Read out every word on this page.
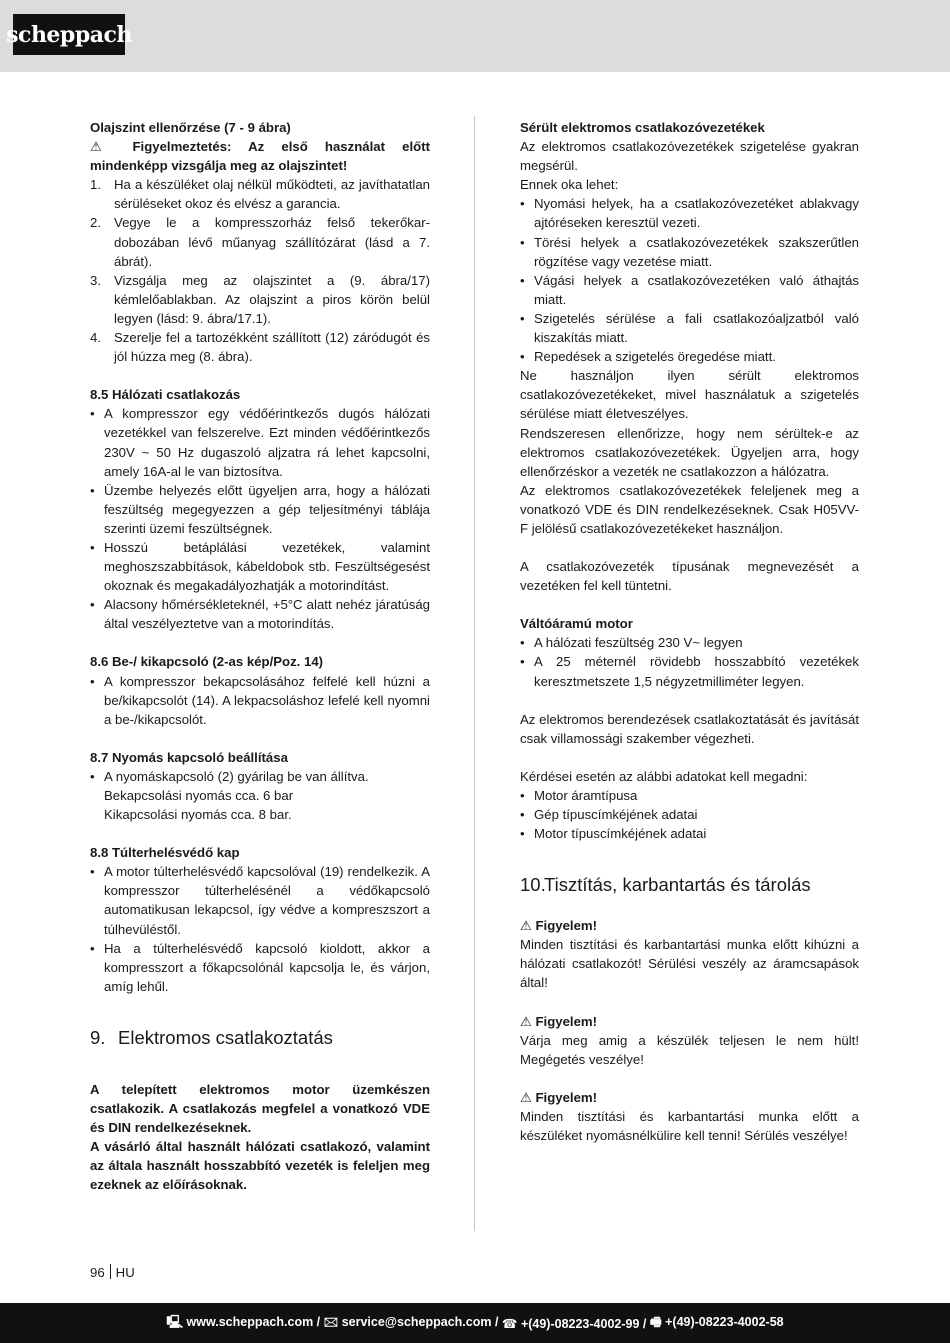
scheppach

Olajszint ellenőrzése (7 - 9 ábra)

⚠ Figyelmeztetés: Az első használat előtt mindenképp vizsgálja meg az olajszintet!

1. Ha a készüléket olaj nélkül működteti, az javíthatatlan sérüléseket okoz és elvész a garancia.
2. Vegye le a kompresszorház felső tekerőkar-dobozában lévő műanyag szállítózárat (lásd a 7. ábrát).
3. Vizsgálja meg az olajszintet a (9. ábra/17) kémlelőablakban. Az olajszint a piros körön belül legyen (lásd: 9. ábra/17.1).
4. Szerelje fel a tartozékként szállított (12) záródugót és jól húzza meg (8. ábra).

8.5 Hálózati csatlakozás

• A kompresszor egy védőérintkezős dugós hálózati vezetékkel van felszerelve. Ezt minden védőérintkezős 230V ~ 50 Hz dugaszoló aljzatra rá lehet kapcsolni, amely 16A-al le van biztosítva.
• Üzembe helyezés előtt ügyeljen arra, hogy a hálózati feszültség megegyezzen a gép teljesítményi táblája szerinti üzemi feszültségnek.
• Hosszú betáplálási vezetékek, valamint meghoszszabbítások, kábeldobok stb. Feszültségesést okoznak és megakadályozhatják a motorindítást.
• Alacsony hőmérsékleteknél, +5°C alatt nehéz járatúság által veszélyeztetve van a motorindítás.

8.6 Be-/ kikapcsoló (2-as kép/Poz. 14)

• A kompresszor bekapcsolásához felfelé kell húzni a be/kikapcsolót (14). A lekpacsoláshoz lefelé kell nyomni a be-/kikapcsolót.

8.7 Nyomás kapcsoló beállítása

• A nyomáskapcsoló (2) gyárilag be van állítva.
Bekapcsolási nyomás cca. 6 bar
Kikapcsolási nyomás cca. 8 bar.

8.8 Túlterhelésvédő kap

• A motor túlterhelésvédő kapcsolóval (19) rendelkezik. A kompresszor túlterhelésénél a védőkapcsoló automatikusan lekapcsol, így védve a kompreszszort a túlhevüléstől.
• Ha a túlterhelésvédő kapcsoló kioldott, akkor a kompresszort a főkapcsolónál kapcsolja le, és várjon, amíg lehűl.
9. Elektromos csatlakoztatás

A telepített elektromos motor üzemkészen csatlakozik. A csatlakozás megfelel a vonatkozó VDE és DIN rendelkezéseknek.

A vásárló által használt hálózati csatlakozó, valamint az általa használt hosszabbító vezeték is feleljen meg ezeknek az előírásoknak.

Sérült elektromos csatlakozóvezetékek

Az elektromos csatlakozóvezetékek szigetelése gyakran megsérül.

Ennek oka lehet:

• Nyomási helyek, ha a csatlakozóvezetéket ablakvagy ajtóréseken keresztül vezeti.
• Törési helyek a csatlakozóvezetékek szakszerűtlen rögzítése vagy vezetése miatt.
• Vágási helyek a csatlakozóvezetéken való áthajtás miatt.
• Szigetelés sérülése a fali csatlakozóaljzatból való kiszakítás miatt.
• Repedések a szigetelés öregedése miatt.

Ne használjon ilyen sérült elektromos csatlakozóvezetékeket, mivel használatuk a szigetelés sérülése miatt életveszélyes.

Rendszeresen ellenőrizze, hogy nem sérültek-e az elektromos csatlakozóvezetékek. Ügyeljen arra, hogy ellenőrzéskor a vezeték ne csatlakozzon a hálózatra.

Az elektromos csatlakozóvezetékek feleljenek meg a vonatkozó VDE és DIN rendelkezéseknek. Csak H05VV-F jelölésű csatlakozóvezetékeket használjon.

A csatlakozóvezeték típusának megnevezését a vezetéken fel kell tüntetni.

Váltóáramú motor

• A hálózati feszültség 230 V~ legyen
• A 25 méternél rövidebb hosszabbító vezetékek keresztmetszete 1,5 négyzetmilliméter legyen.

Az elektromos berendezések csatlakoztatását és javítását csak villamossági szakember végezheti.

Kérdései esetén az alábbi adatokat kell megadni:

• Motor áramtípusa
• Gép típuscímkéjének adatai
• Motor típuscímkéjének adatai
10.Tisztítás, karbantartás és tárolás

⚠ Figyelem!

Minden tisztítási és karbantartási munka előtt kihúzni a hálózati csatlakozót! Sérülési veszély az áramcsapások által!

⚠ Figyelem!

Várja meg amig a készülék teljesen le nem hült! Megégetés veszélye!

⚠ Figyelem!

Minden tisztítási és karbantartási munka előtt a készüléket nyomásnélkülire kell tenni! Sérülés veszélye!

96 HU
🖳 www.scheppach.com / 🖂 service@scheppach.com / ☎ +(49)-08223-4002-99 / 🖷 +(49)-08223-4002-58
